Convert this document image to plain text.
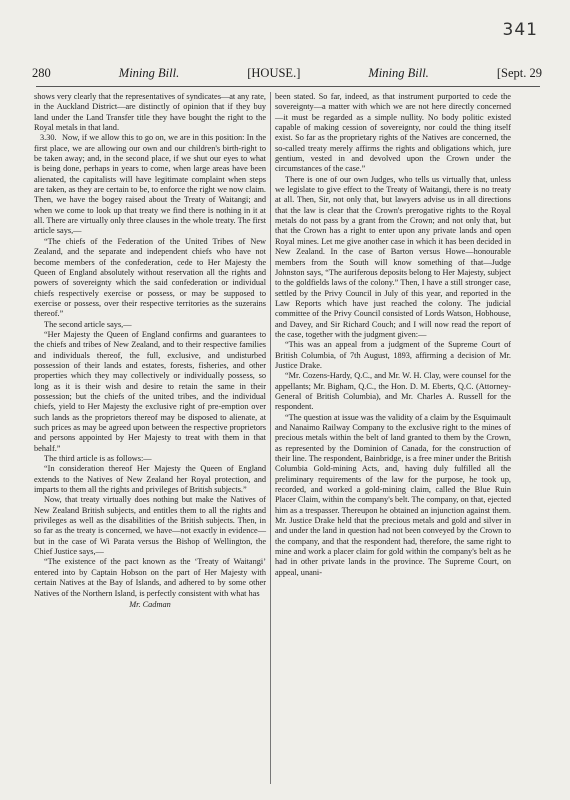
341
280	Mining Bill.	[HOUSE.]	Mining Bill.	[Sept. 29

shows very clearly that the representatives of syndicates—at any rate, in the Auckland District—are distinctly of opinion that if they buy land under the Land Transfer title they have bought the right to the Royal metals in that land.

3.30. Now, if we allow this to go on, we are in this position: In the first place, we are allowing our own and our children's birth-right to be taken away; and, in the second place, if we shut our eyes to what is being done, perhaps in years to come, when large areas have been alienated, the capitalists will have legitimate complaint when steps are taken, as they are certain to be, to enforce the right we now claim. Then, we have the bogey raised about the Treaty of Waitangi; and when we come to look up that treaty we find there is nothing in it at all. There are virtually only three clauses in the whole treaty. The first article says,—

“The chiefs of the Federation of the United Tribes of New Zealand, and the separate and independent chiefs who have not become members of the confederation, cede to Her Majesty the Queen of England absolutely without reservation all the rights and powers of sovereignty which the said confederation or individual chiefs respectively exercise or possess, or may be supposed to exercise or possess, over their respective territories as the suzerains thereof.”

The second article says,—

“Her Majesty the Queen of England confirms and guarantees to the chiefs and tribes of New Zealand, and to their respective families and individuals thereof, the full, exclusive, and undisturbed possession of their lands and estates, forests, fisheries, and other properties which they may collectively or individually possess, so long as it is their wish and desire to retain the same in their possession; but the chiefs of the united tribes, and the individual chiefs, yield to Her Majesty the exclusive right of pre-emption over such lands as the proprietors thereof may be disposed to alienate, at such prices as may be agreed upon between the respective proprietors and persons appointed by Her Majesty to treat with them in that behalf.”

The third article is as follows:—

“In consideration thereof Her Majesty the Queen of England extends to the Natives of New Zealand her Royal protection, and imparts to them all the rights and privileges of British subjects.”

Now, that treaty virtually does nothing but make the Natives of New Zealand British subjects, and entitles them to all the rights and privileges as well as the disabilities of the British subjects. Then, in so far as the treaty is concerned, we have—not exactly in evidence—but in the case of Wi Parata versus the Bishop of Wellington, the Chief Justice says,—

“The existence of the pact known as the ‘Treaty of Waitangi’ entered into by Captain Hobson on the part of Her Majesty with certain Natives at the Bay of Islands, and adhered to by some other Natives of the Northern Island, is perfectly consistent with what has

Mr. Cadman

been stated. So far, indeed, as that instrument purported to cede the sovereignty—a matter with which we are not here directly concerned—it must be regarded as a simple nullity. No body politic existed capable of making cession of sovereignty, nor could the thing itself exist. So far as the proprietary rights of the Natives are concerned, the so-called treaty merely affirms the rights and obligations which, jure gentium, vested in and devolved upon the Crown under the circumstances of the case.”

There is one of our own Judges, who tells us virtually that, unless we legislate to give effect to the Treaty of Waitangi, there is no treaty at all. Then, Sir, not only that, but lawyers advise us in all directions that the law is clear that the Crown's prerogative rights to the Royal metals do not pass by a grant from the Crown; and not only that, but that the Crown has a right to enter upon any private lands and open Royal mines. Let me give another case in which it has been decided in New Zealand. In the case of Barton versus Howe—honourable members from the South will know something of that—Judge Johnston says, “The auriferous deposits belong to Her Majesty, subject to the goldfields laws of the colony.” Then, I have a still stronger case, settled by the Privy Council in July of this year, and reported in the Law Reports which have just reached the colony. The judicial committee of the Privy Council consisted of Lords Watson, Hobhouse, and Davey, and Sir Richard Couch; and I will now read the report of the case, together with the judgment given:—

“This was an appeal from a judgment of the Supreme Court of British Columbia, of 7th August, 1893, affirming a decision of Mr. Justice Drake.

“Mr. Cozens-Hardy, Q.C., and Mr. W. H. Clay, were counsel for the appellants; Mr. Bigham, Q.C., the Hon. D. M. Eberts, Q.C. (Attorney-General of British Columbia), and Mr. Charles A. Russell for the respondent.

“The question at issue was the validity of a claim by the Esquimault and Nanaimo Railway Company to the exclusive right to the mines of precious metals within the belt of land granted to them by the Crown, as represented by the Dominion of Canada, for the construction of their line. The respondent, Bainbridge, is a free miner under the British Columbia Gold-mining Acts, and, having duly fulfilled all the preliminary requirements of the law for the purpose, he took up, recorded, and worked a gold-mining claim, called the Blue Ruin Placer Claim, within the company's belt. The company, on that, ejected him as a trespasser. Thereupon he obtained an injunction against them. Mr. Justice Drake held that the precious metals and gold and silver in and under the land in question had not been conveyed by the Crown to the company, and that the respondent had, therefore, the same right to mine and work a placer claim for gold within the company's belt as he had in other private lands in the province. The Supreme Court, on appeal, unani-
